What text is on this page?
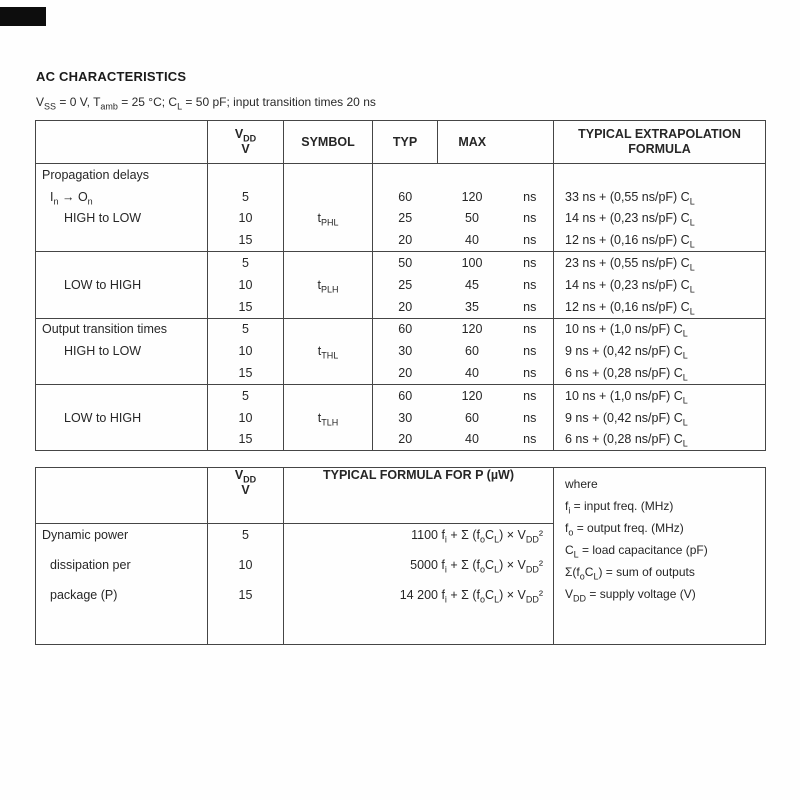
AC CHARACTERISTICS
$V_{SS} = 0$ V, $T_{amb} = 25$ °C; $C_L = 50$ pF; input transition times 20 ns
	$V_{DD}$
V	SYMBOL	TYP	MAX		TYPICAL EXTRAPOLATION
FORMULA
Propagation delays						
$I_n \to O_n$	5		60	120	ns	33 ns + (0,55 ns/pF) $C_L$
HIGH to LOW	10	$t_{PHL}$	25	50	ns	14 ns + (0,23 ns/pF) $C_L$
	15		20	40	ns	12 ns + (0,16 ns/pF) $C_L$
	5		50	100	ns	23 ns + (0,55 ns/pF) $C_L$
LOW to HIGH	10	$t_{PLH}$	25	45	ns	14 ns + (0,23 ns/pF) $C_L$
	15		20	35	ns	12 ns + (0,16 ns/pF) $C_L$
Output transition times	5		60	120	ns	10 ns + (1,0 ns/pF) $C_L$
HIGH to LOW	10	$t_{THL}$	30	60	ns	9 ns + (0,42 ns/pF) $C_L$
	15		20	40	ns	6 ns + (0,28 ns/pF) $C_L$
	5		60	120	ns	10 ns + (1,0 ns/pF) $C_L$
LOW to HIGH	10	$t_{TLH}$	30	60	ns	9 ns + (0,42 ns/pF) $C_L$
	15		20	40	ns	6 ns + (0,28 ns/pF) $C_L$
	$V_{DD}$
V	TYPICAL FORMULA FOR P (µW)	
where
$f_i$ = input freq. (MHz)
$f_o$ = output freq. (MHz)
$C_L$ = load capacitance (pF)
$\Sigma(f_oC_L)$ = sum of outputs
$V_{DD}$ = supply voltage (V)

Dynamic power	5	1100 $f_i + \Sigma$ $(f_oC_L) \times V_{DD}^2$	
dissipation per	10	5000 $f_i + \Sigma$ $(f_oC_L) \times V_{DD}^2$	
package (P)	15	14 200 $f_i + \Sigma$ $(f_oC_L) \times V_{DD}^2$	
